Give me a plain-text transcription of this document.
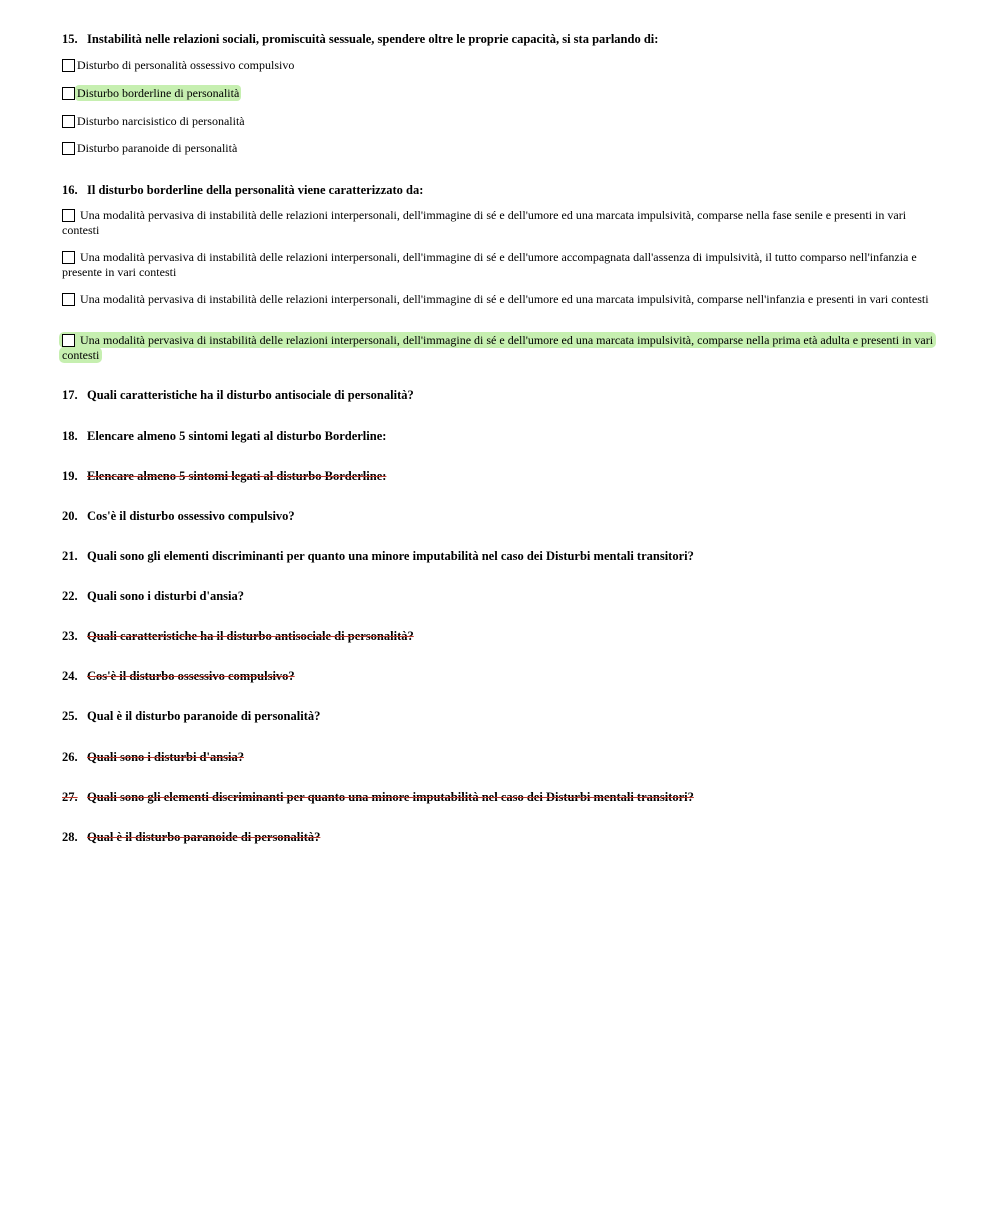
15. Instabilità nelle relazioni sociali, promiscuità sessuale, spendere oltre le proprie capacità, si sta parlando di:
Disturbo di personalità ossessivo compulsivo
Disturbo borderline di personalità
Disturbo narcisistico di personalità
Disturbo paranoide di personalità
16. Il disturbo borderline della personalità viene caratterizzato da:
Una modalità pervasiva di instabilità delle relazioni interpersonali, dell'immagine di sé e dell'umore ed una marcata impulsività, comparse nella fase senile e presenti in vari contesti
Una modalità pervasiva di instabilità delle relazioni interpersonali, dell'immagine di sé e dell'umore accompagnata dall'assenza di impulsività, il tutto comparso nell'infanzia e presente in vari contesti
Una modalità pervasiva di instabilità delle relazioni interpersonali, dell'immagine di sé e dell'umore ed una marcata impulsività, comparse nell'infanzia e presenti in vari contesti
Una modalità pervasiva di instabilità delle relazioni interpersonali, dell'immagine di sé e dell'umore ed una marcata impulsività, comparse nella prima età adulta e presenti in vari contesti
17. Quali caratteristiche ha il disturbo antisociale di personalità?
18. Elencare almeno 5 sintomi legati al disturbo Borderline:
19. Elencare almeno 5 sintomi legati al disturbo Borderline:
20. Cos'è il disturbo ossessivo compulsivo?
21. Quali sono gli elementi discriminanti per quanto una minore imputabilità nel caso dei Disturbi mentali transitori?
22. Quali sono i disturbi d'ansia?
23. Quali caratteristiche ha il disturbo antisociale di personalità?
24. Cos'è il disturbo ossessivo compulsivo?
25. Qual è il disturbo paranoide di personalità?
26. Quali sono i disturbi d'ansia?
27. Quali sono gli elementi discriminanti per quanto una minore imputabilità nel caso dei Disturbi mentali transitori?
28. Qual è il disturbo paranoide di personalità?
